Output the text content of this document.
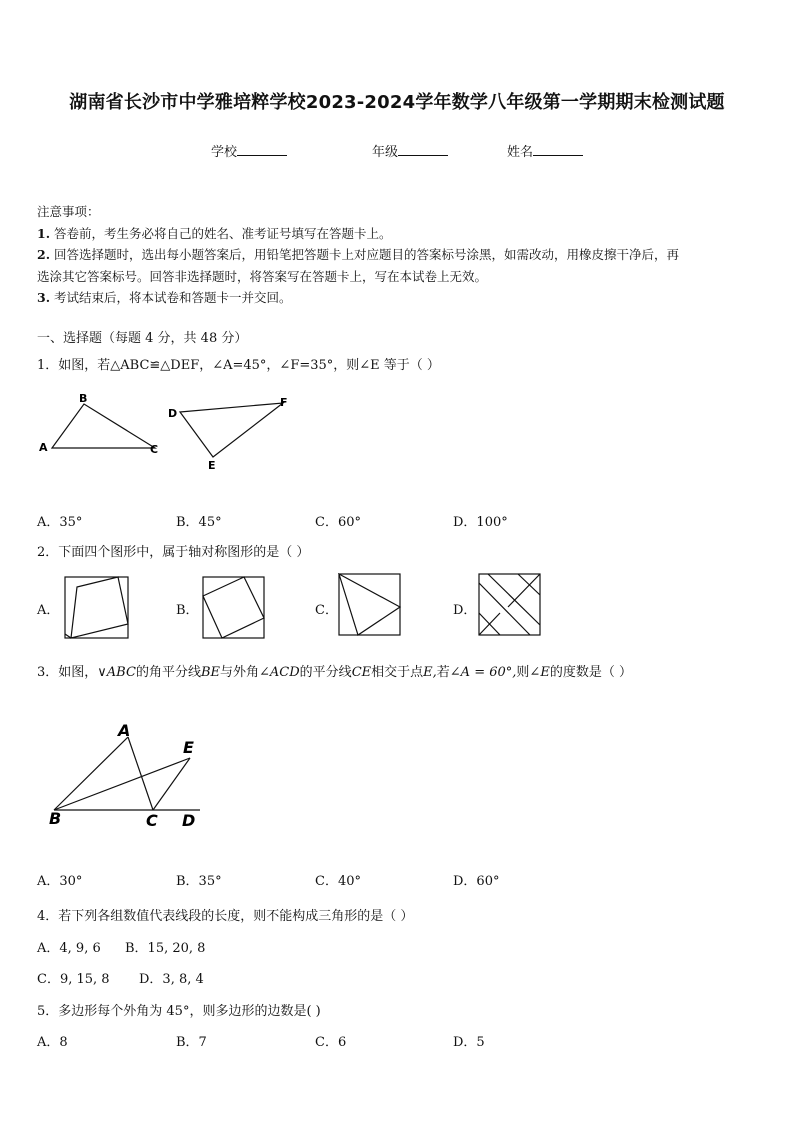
湖南省长沙市中学雅培粹学校2023-2024学年数学八年级第一学期期末检测试题
学校	年级	姓名
注意事项：
1. 答卷前，考生务必将自己的姓名、准考证号填写在答题卡上。
2. 回答选择题时，选出每小题答案后，用铅笔把答题卡上对应题目的答案标号涂黑，如需改动，用橡皮擦干净后，再
选涂其它答案标号。回答非选择题时，将答案写在答题卡上，写在本试卷上无效。
3. 考试结束后，将本试卷和答题卡一并交回。
一、选择题（每题 4 分，共 48 分）
1．如图，若△ABC≌△DEF，∠A=45°，∠F=35°，则∠E 等于（ ）
A
B
C
D
E
F
A．35°	B．45°	C．60°	D．100°
2．下面四个图形中，属于轴对称图形的是（ ）
A．	B．	C．	D．
3．如图，∨ABC的角平分线BE与外角∠ACD的平分线CE相交于点E,若∠A = 60°,则∠E的度数是（ ）
A
B	C D
E
A．30°	B．35°	C．40°	D．60°
4．若下列各组数值代表线段的长度，则不能构成三角形的是（ ）
A．4, 9, 6 B．15, 20, 8
C．9, 15, 8 D．3, 8, 4
5．多边形每个外角为 45°，则多边形的边数是( )
A．8	B．7	C．6	D．5
